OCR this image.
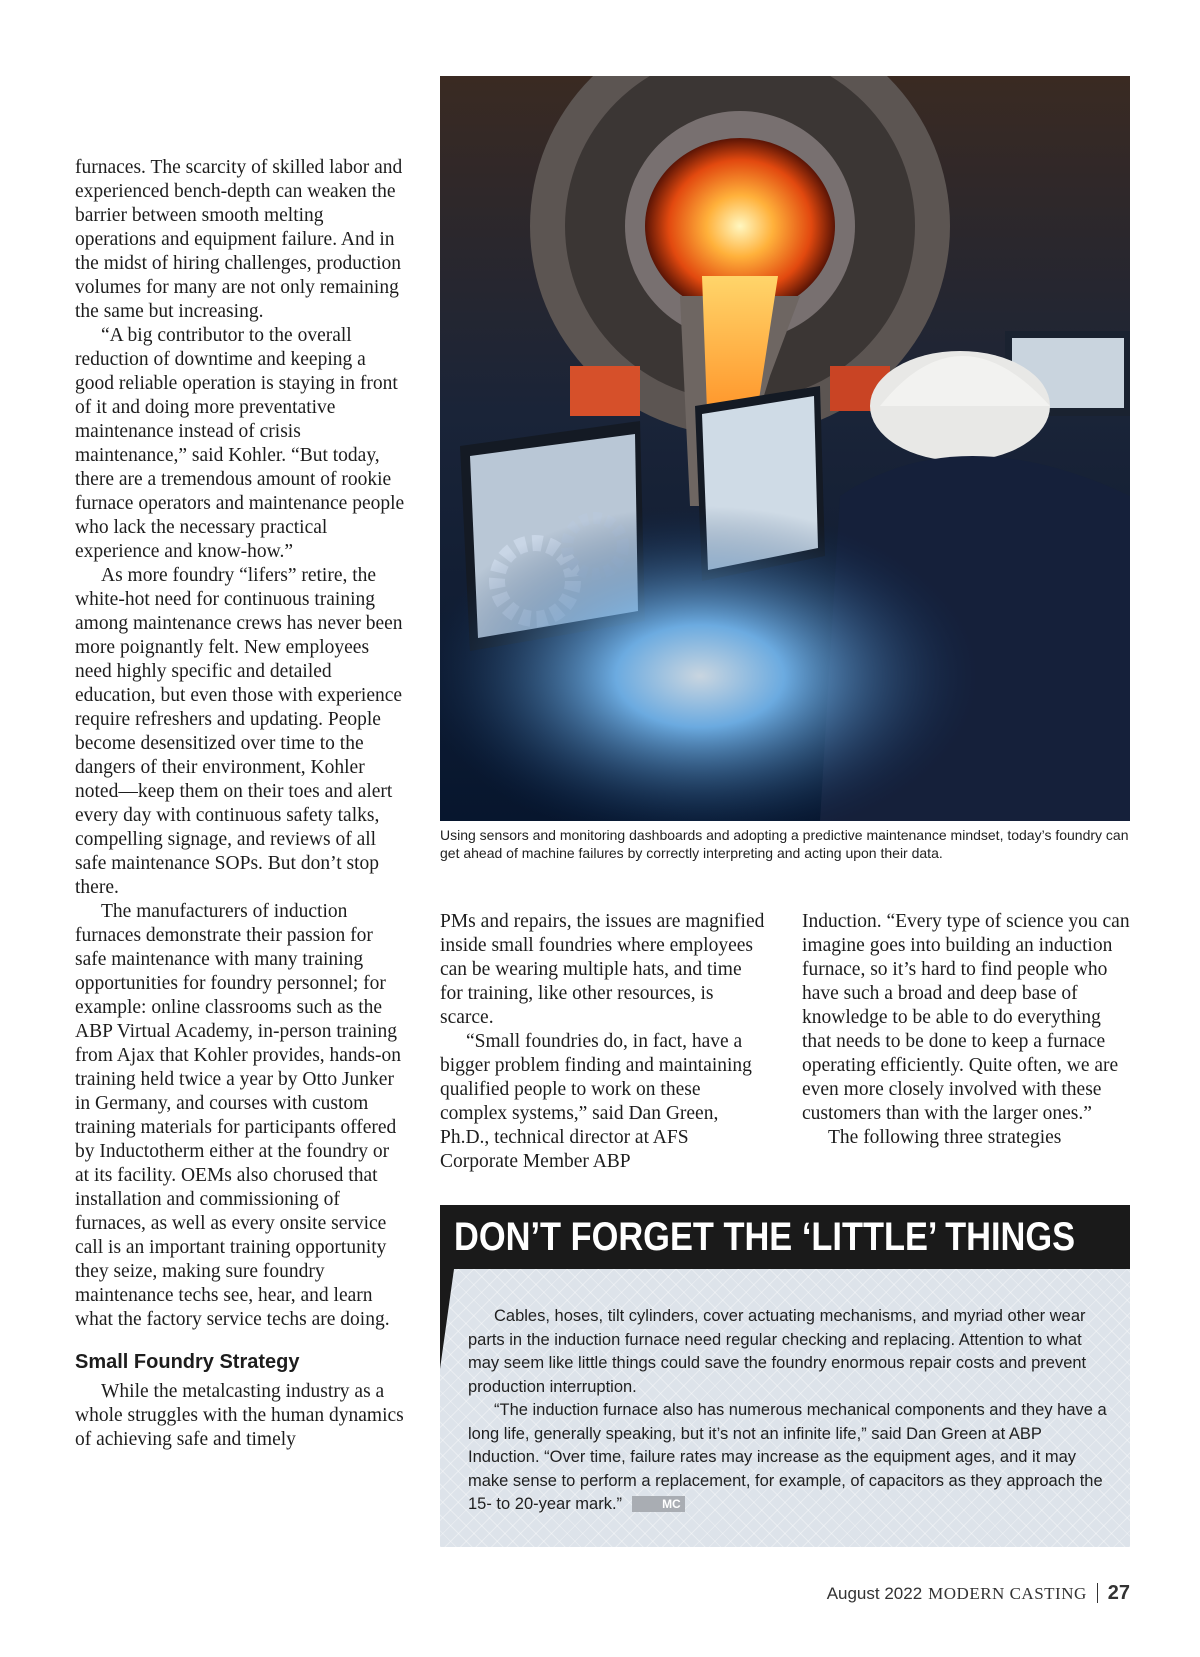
furnaces. The scarcity of skilled labor and experienced bench-depth can weaken the barrier between smooth melting operations and equipment failure. And in the midst of hiring challenges, production volumes for many are not only remaining the same but increasing.

“A big contributor to the overall reduction of downtime and keeping a good reliable operation is staying in front of it and doing more preventative maintenance instead of crisis maintenance,” said Kohler. “But today, there are a tremendous amount of rookie furnace operators and maintenance people who lack the necessary practical experience and know-how.”

As more foundry “lifers” retire, the white-hot need for continuous training among maintenance crews has never been more poignantly felt. New employees need highly specific and detailed education, but even those with experience require refreshers and updating. People become desensitized over time to the dangers of their environment, Kohler noted—keep them on their toes and alert every day with continuous safety talks, compelling signage, and reviews of all safe maintenance SOPs. But don’t stop there.

The manufacturers of induction furnaces demonstrate their passion for safe maintenance with many training opportunities for foundry personnel; for example: online classrooms such as the ABP Virtual Academy, in-person training from Ajax that Kohler provides, hands-on training held twice a year by Otto Junker in Germany, and courses with custom training materials for participants offered by Inductotherm either at the foundry or at its facility. OEMs also chorused that installation and commissioning of furnaces, as well as every onsite service call is an important training opportunity they seize, making sure foundry maintenance techs see, hear, and learn what the factory service techs are doing.

Small Foundry Strategy

While the metalcasting industry as a whole struggles with the human dynamics of achieving safe and timely

Using sensors and monitoring dashboards and adopting a predictive maintenance mindset, today’s foundry can get ahead of machine failures by correctly interpreting and acting upon their data.

PMs and repairs, the issues are magnified inside small foundries where employees can be wearing multiple hats, and time for training, like other resources, is scarce.

“Small foundries do, in fact, have a bigger problem finding and maintaining qualified people to work on these complex systems,” said Dan Green, Ph.D., technical director at AFS Corporate Member ABP

Induction. “Every type of science you can imagine goes into building an induction furnace, so it’s hard to find people who have such a broad and deep base of knowledge to be able to do everything that needs to be done to keep a furnace operating efficiently. Quite often, we are even more closely involved with these customers than with the larger ones.”

The following three strategies

DON’T FORGET THE ‘LITTLE’ THINGS

Cables, hoses, tilt cylinders, cover actuating mechanisms, and myriad other wear parts in the induction furnace need regular checking and replacing. Attention to what may seem like little things could save the foundry enormous repair costs and prevent production interruption.

“The induction furnace also has numerous mechanical components and they have a long life, generally speaking, but it’s not an infinite life,” said Dan Green at ABP Induction. “Over time, failure rates may increase as the equipment ages, and it may make sense to perform a replacement, for example, of capacitors as they approach the 15- to 20-year mark.”	MC

August 2022 MODERN CASTING 27
